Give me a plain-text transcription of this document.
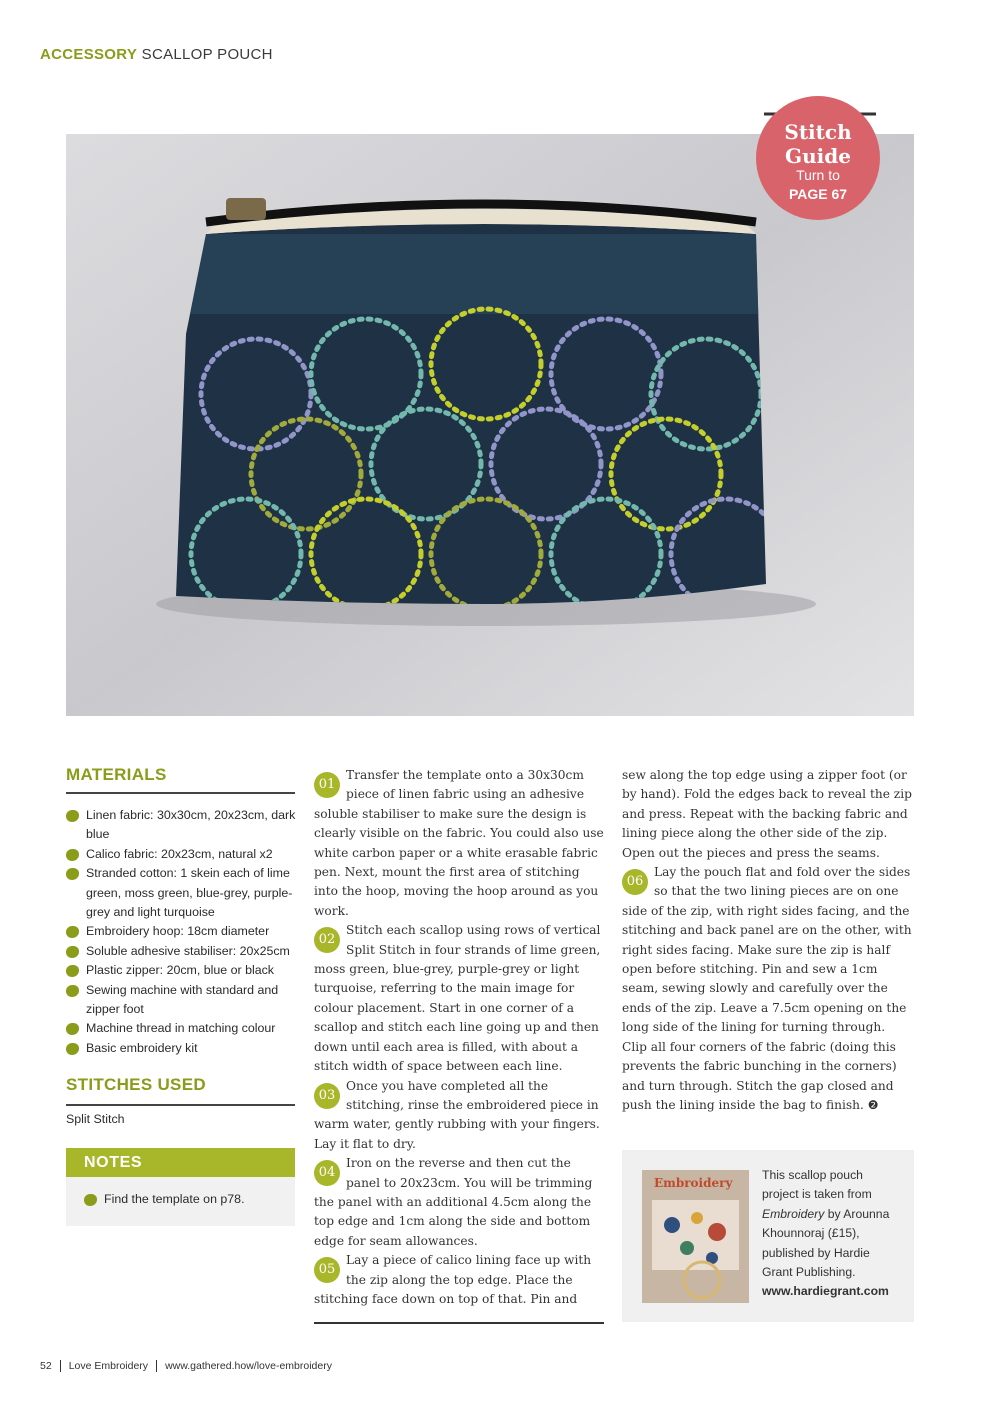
ACCESSORY SCALLOP POUCH
Stitch
Guide
Turn to
PAGE 67
MATERIALS
Linen fabric: 30x30cm, 20x23cm, dark blue
Calico fabric: 20x23cm, natural x2
Stranded cotton: 1 skein each of lime green, moss green, blue-grey, purple-grey and light turquoise
Embroidery hoop: 18cm diameter
Soluble adhesive stabiliser: 20x25cm
Plastic zipper: 20cm, blue or black
Sewing machine with standard and zipper foot
Machine thread in matching colour
Basic embroidery kit
STITCHES USED
Split Stitch
NOTES
Find the template on p78.

01
Transfer the template onto a 30x30cm piece of linen fabric using an adhesive soluble stabiliser to make sure the design is clearly visible on the fabric. You could also use white carbon paper or a white erasable fabric pen. Next, mount the first area of stitching into the hoop, moving the hoop around as you work.

02
Stitch each scallop using rows of vertical Split Stitch in four strands of lime green, moss green, blue-grey, purple-grey or light turquoise, referring to the main image for colour placement. Start in one corner of a scallop and stitch each line going up and then down until each area is filled, with about a stitch width of space between each line.

03
Once you have completed all the stitching, rinse the embroidered piece in warm water, gently rubbing with your fingers. Lay it flat to dry.

04
Iron on the reverse and then cut the panel to 20x23cm. You will be trimming the panel with an additional 4.5cm along the top edge and 1cm along the side and bottom edge for seam allowances.

05
Lay a piece of calico lining face up with the zip along the top edge. Place the stitching face down on top of that. Pin and

sew along the top edge using a zipper foot (or by hand). Fold the edges back to reveal the zip and press. Repeat with the backing fabric and lining piece along the other side of the zip. Open out the pieces and press the seams.

06
Lay the pouch flat and fold over the sides so that the two lining pieces are on one side of the zip, with right sides facing, and the stitching and back panel are on the other, with right sides facing. Make sure the zip is half open before stitching. Pin and sew a 1cm seam, sewing slowly and carefully over the ends of the zip. Leave a 7.5cm opening on the long side of the lining for turning through. Clip all four corners of the fabric (doing this prevents the fabric bunching in the corners) and turn through. Stitch the gap closed and push the lining inside the bag to finish. ❷

Embroidery
This scallop pouch project is taken from Embroidery by Arounna Khounnoraj (£15), published by Hardie Grant Publishing.
www.hardiegrant.com
52 Love Embroidery www.gathered.how/love-embroidery
